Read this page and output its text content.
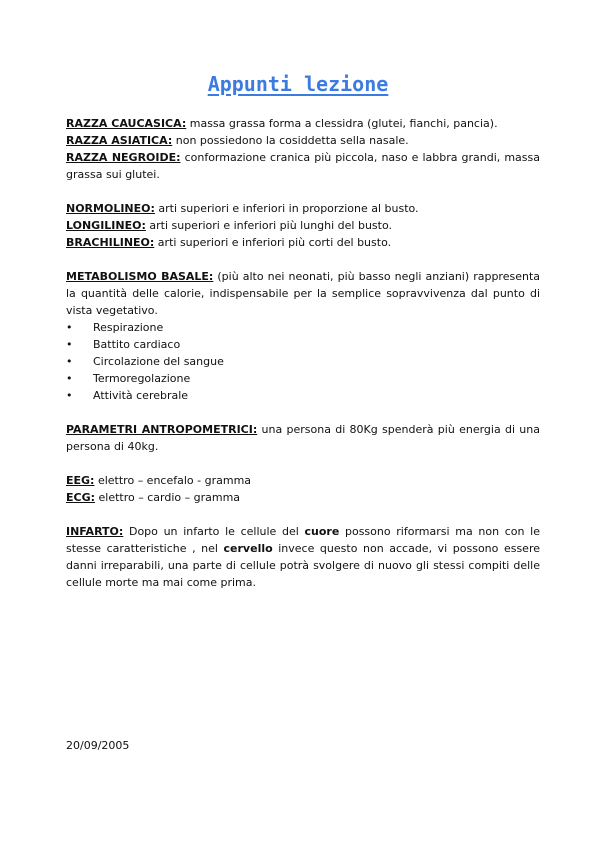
Appunti lezione

RAZZA CAUCASICA: massa grassa forma a clessidra (glutei, fianchi, pancia).

RAZZA ASIATICA: non possiedono la cosiddetta sella nasale.

RAZZA NEGROIDE: conformazione cranica più piccola, naso e labbra grandi, massa grassa sui glutei.

NORMOLINEO: arti superiori e inferiori in proporzione al busto.

LONGILINEO: arti superiori e inferiori più lunghi del busto.

BRACHILINEO: arti superiori e inferiori più corti del busto.

METABOLISMO BASALE: (più alto nei neonati, più basso negli anziani) rappresenta la quantità delle calorie, indispensabile per la semplice sopravvivenza dal punto di vista vegetativo.

•	Respirazione
•	Battito cardiaco
•	Circolazione del sangue
•	Termoregolazione
•	Attività cerebrale

PARAMETRI ANTROPOMETRICI: una persona di 80Kg spenderà più energia di una persona di 40kg.

EEG: elettro – encefalo - gramma

ECG: elettro – cardio – gramma

INFARTO: Dopo un infarto le cellule del cuore possono riformarsi ma non con le stesse caratteristiche , nel cervello invece questo non accade, vi possono essere danni irreparabili, una parte di cellule potrà svolgere di nuovo gli stessi compiti delle cellule morte ma mai come prima.

20/09/2005
